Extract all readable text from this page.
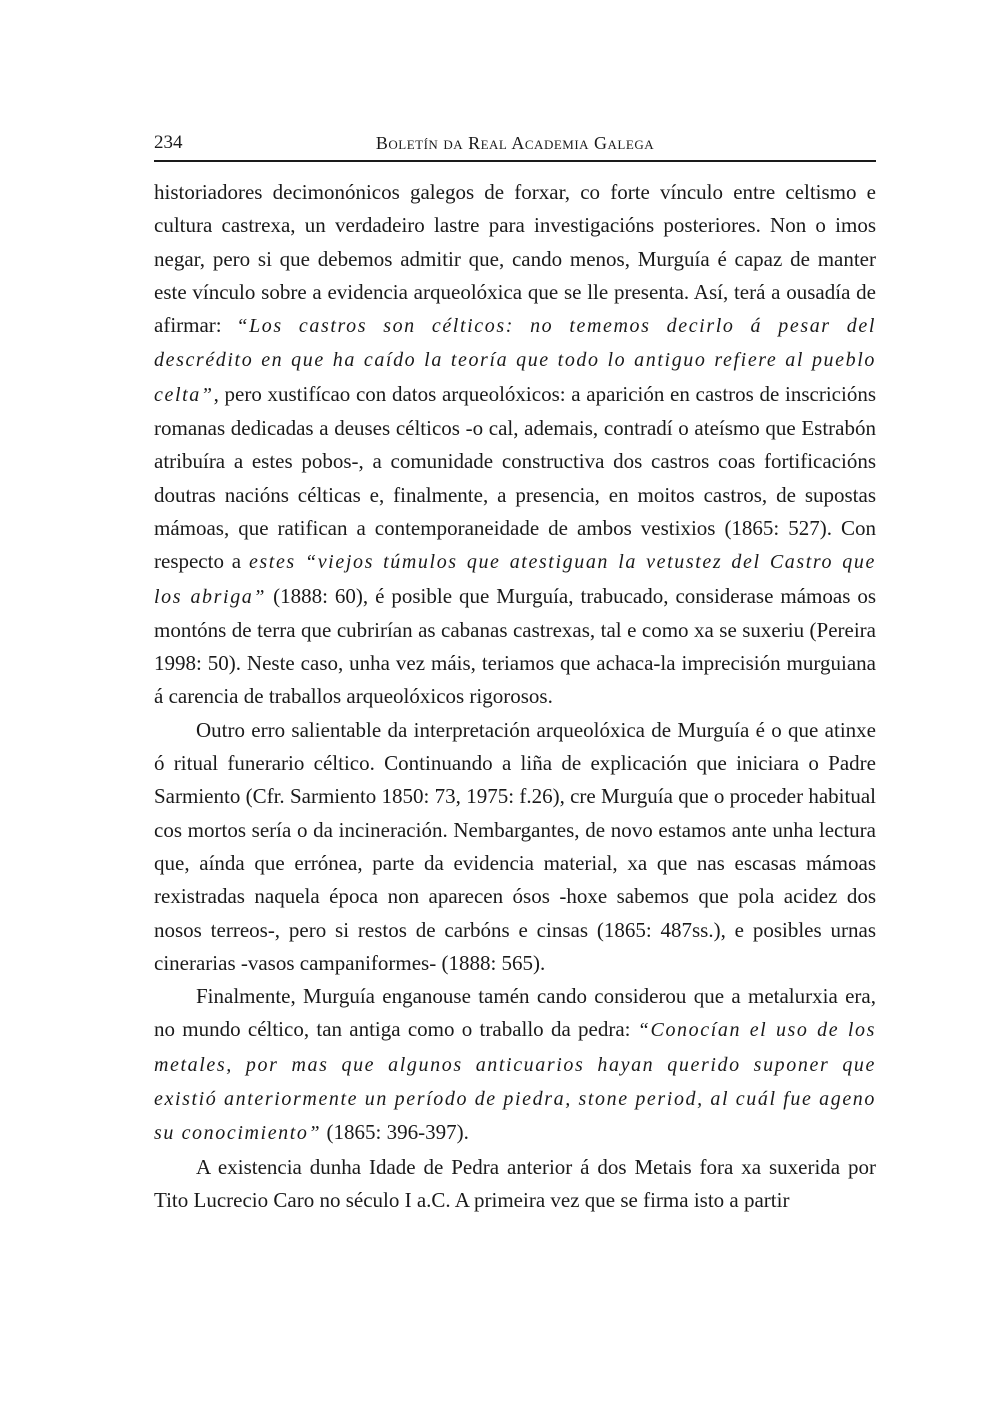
234	Boletín da Real Academia Galega

historiadores decimonónicos galegos de forxar, co forte vínculo entre celtismo e cultura castrexa, un verdadeiro lastre para investigacións posteriores. Non o imos negar, pero si que debemos admitir que, cando menos, Murguía é capaz de manter este vínculo sobre a evidencia arqueolóxica que se lle presenta. Así, terá a ousadía de afirmar: “Los castros son célticos: no tememos decirlo á pesar del descrédito en que ha caído la teoría que todo lo antiguo refiere al pueblo celta”, pero xustifícao con datos arqueolóxicos: a aparición en castros de inscricións romanas dedicadas a deuses célticos -o cal, ademais, contradí o ateísmo que Estrabón atribuíra a estes pobos-, a comunidade constructiva dos castros coas fortificacións doutras nacións célticas e, finalmente, a presencia, en moitos castros, de supostas mámoas, que ratifican a contemporaneidade de ambos vestixios (1865: 527). Con respecto a estes “viejos túmulos que atestiguan la vetustez del Castro que los abriga” (1888: 60), é posible que Murguía, trabucado, considerase mámoas os montóns de terra que cubrirían as cabanas castrexas, tal e como xa se suxeriu (Pereira 1998: 50). Neste caso, unha vez máis, teriamos que achaca-la imprecisión murguiana á carencia de traballos arqueolóxicos rigorosos.

Outro erro salientable da interpretación arqueolóxica de Murguía é o que atinxe ó ritual funerario céltico. Continuando a liña de explicación que iniciara o Padre Sarmiento (Cfr. Sarmiento 1850: 73, 1975: f.26), cre Murguía que o proceder habitual cos mortos sería o da incineración. Nembargantes, de novo estamos ante unha lectura que, aínda que errónea, parte da evidencia material, xa que nas escasas mámoas rexistradas naquela época non aparecen ósos -hoxe sabemos que pola acidez dos nosos terreos-, pero si restos de carbóns e cinsas (1865: 487ss.), e posibles urnas cinerarias -vasos campaniformes- (1888: 565).

Finalmente, Murguía enganouse tamén cando considerou que a metalurxia era, no mundo céltico, tan antiga como o traballo da pedra: “Conocían el uso de los metales, por mas que algunos anticuarios hayan querido suponer que existió anteriormente un período de piedra, stone period, al cuál fue ageno su conocimiento” (1865: 396-397).

A existencia dunha Idade de Pedra anterior á dos Metais fora xa suxerida por Tito Lucrecio Caro no século I a.C. A primeira vez que se firma isto a partir
